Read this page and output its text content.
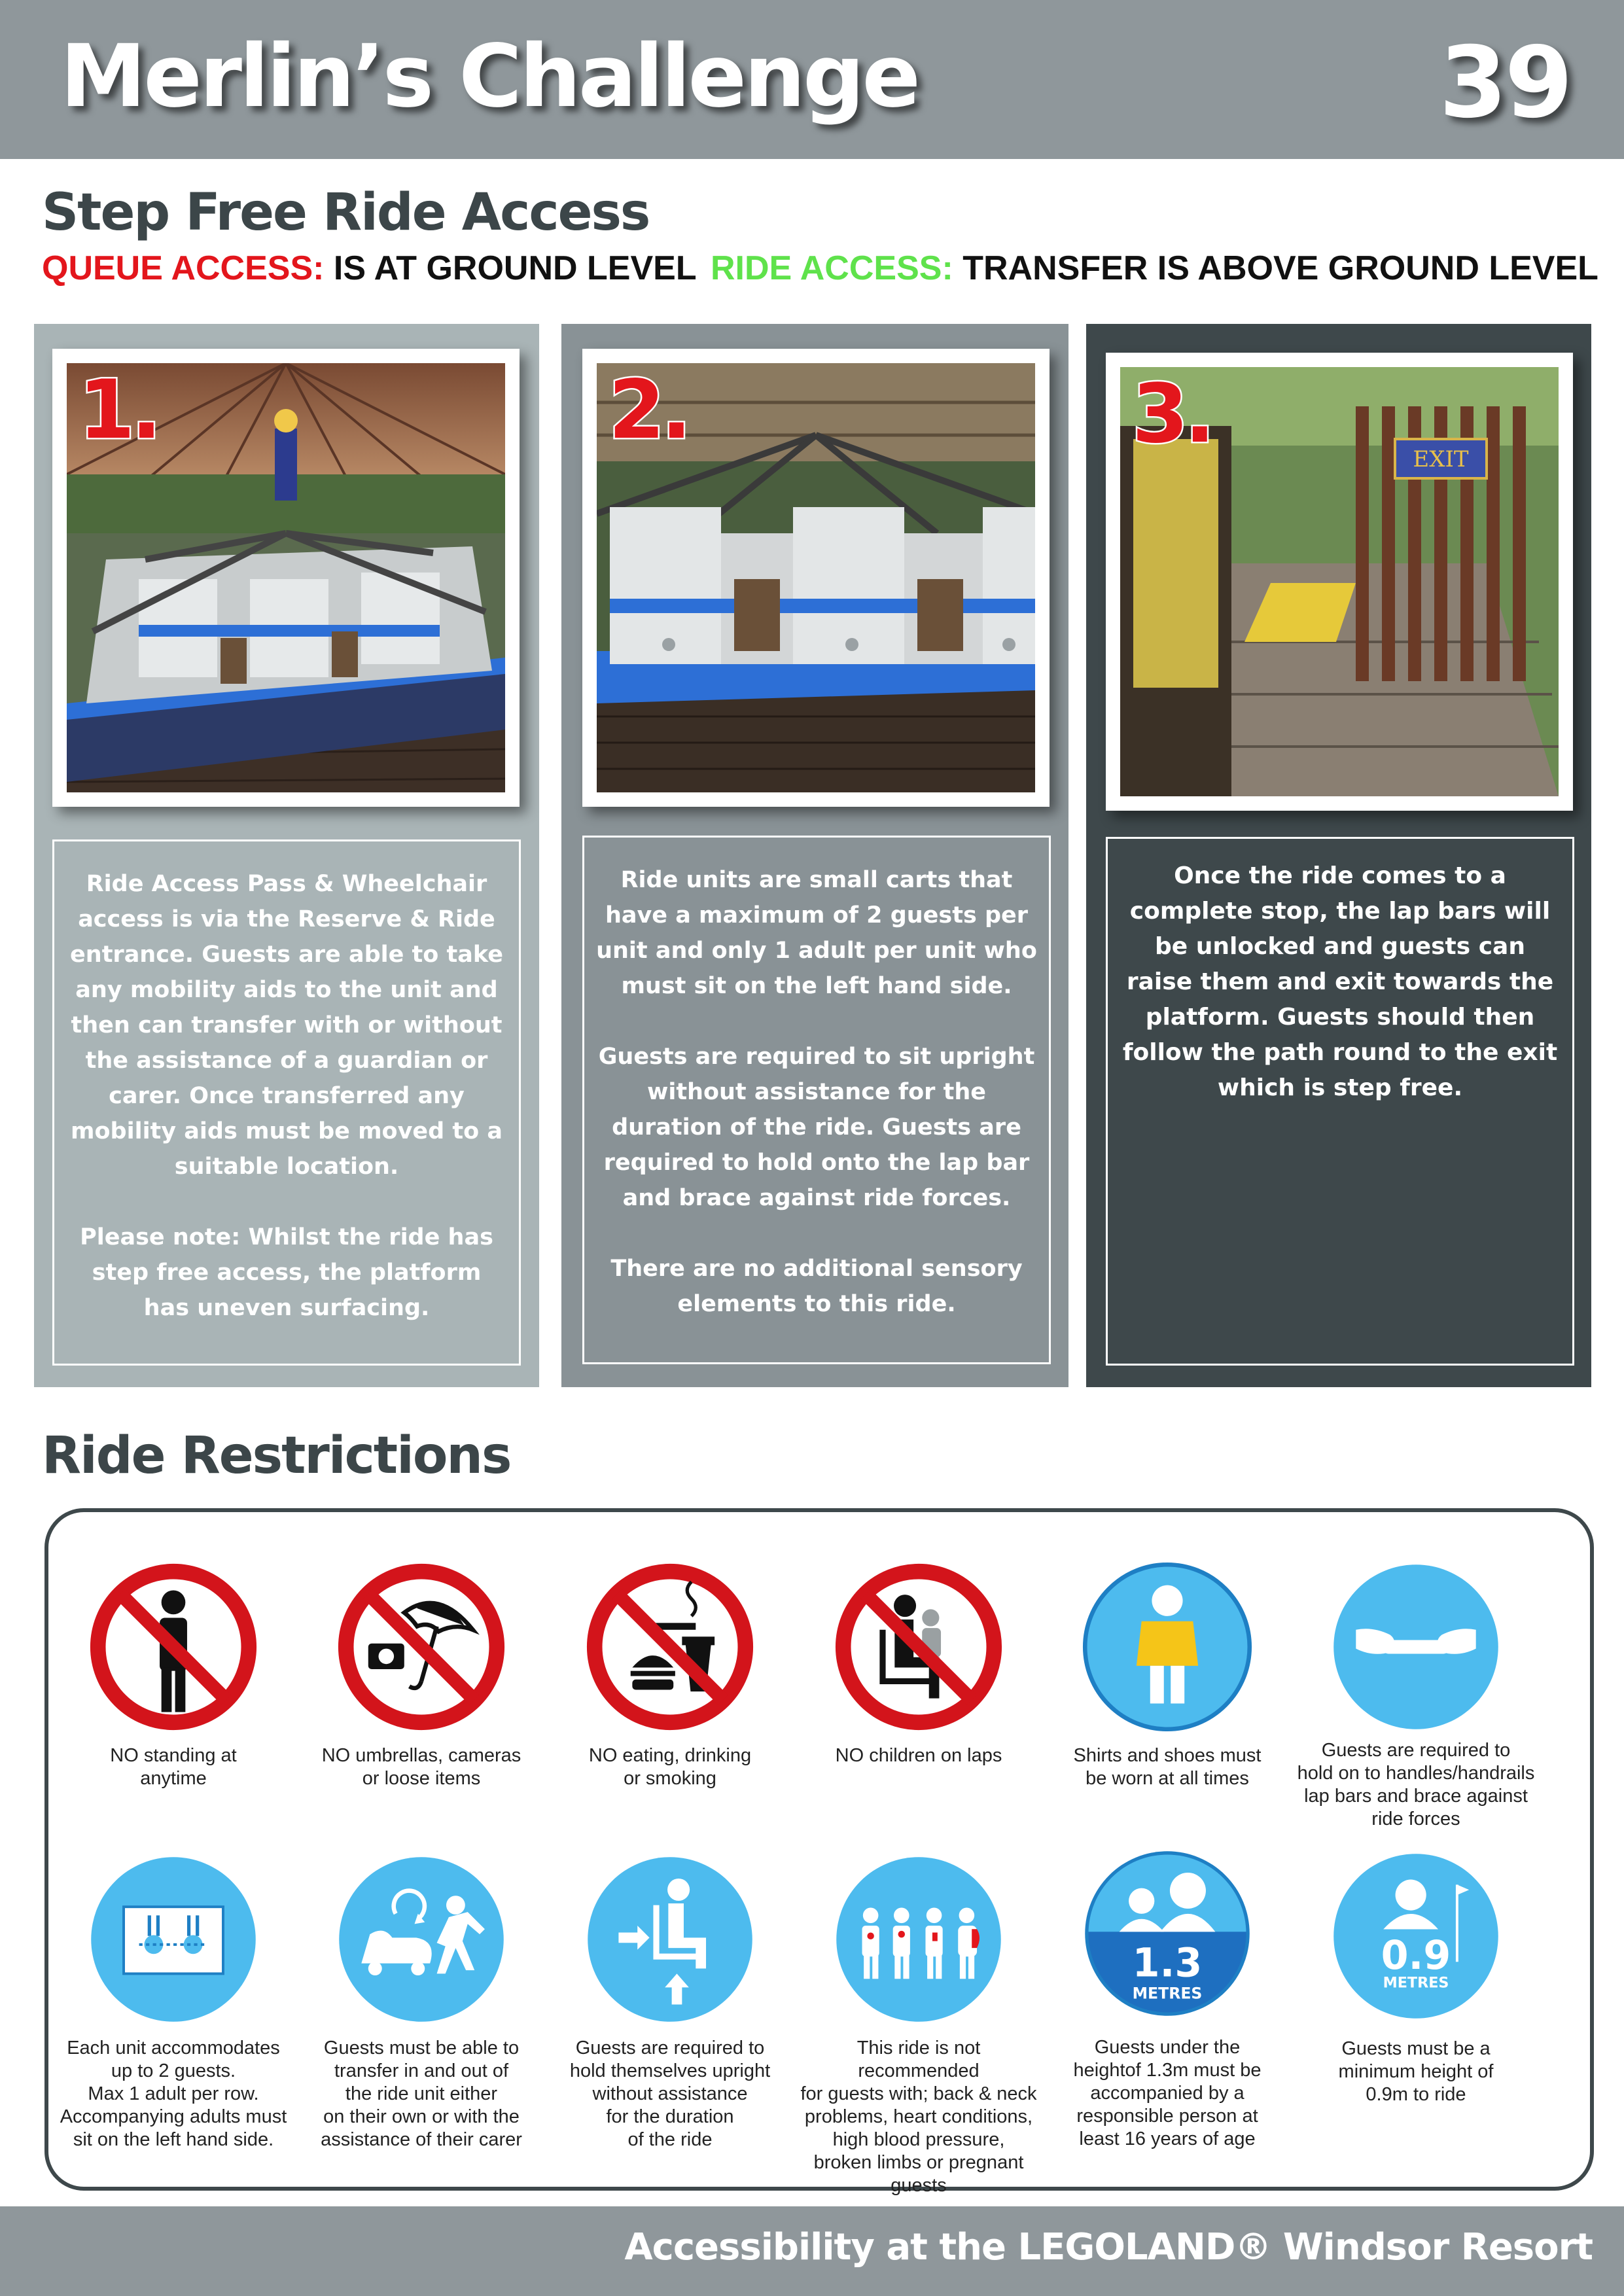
Merlin’s Challenge	39
Step Free Ride Access
QUEUE ACCESS: IS AT GROUND LEVEL RIDE ACCESS: TRANSFER IS ABOVE GROUND LEVEL
1.

Ride Access Pass & Wheelchair access is via the Reserve & Ride entrance. Guests are able to take any mobility aids to the unit and then can transfer with or without the assistance of a guardian or carer. Once transferred any mobility aids must be moved to a suitable location.

Please note: Whilst the ride has step free access, the platform has uneven surfacing.

2.

Ride units are small carts that have a maximum of 2 guests per unit and only 1 adult per unit who must sit on the left hand side.

Guests are required to sit upright without assistance for the duration of the ride. Guests are required to hold onto the lap bar and brace against ride forces.

There are no additional sensory elements to this ride.

EXIT
3.

Once the ride comes to a complete stop, the lap bars will be unlocked and guests can raise them and exit towards the platform. Guests should then follow the path round to the exit which is step free.

Ride Restrictions
NO standing at
anytime
NO umbrellas, cameras
or loose items
NO eating, drinking
or smoking
NO children on laps	Shirts and shoes must
be worn at all times
Guests are required to
hold on to handles/handrails
lap bars and brace against
ride forces
Each unit accommodates
up to 2 guests.
Max 1 adult per row.
Accompanying adults must
sit on the left hand side.
Guests must be able to
transfer in and out of
the ride unit either
on their own or with the
assistance of their carer
Guests are required to
hold themselves upright
without assistance
for the duration
of the ride
This ride is not recommended
for guests with; back & neck
problems, heart conditions,
high blood pressure,
broken limbs or pregnant guests
1.3
METRES
Guests under the
heightof 1.3m must be
accompanied by a
responsible person at
least 16 years of age
0.9
METRES
Guests must be a
minimum height of
0.9m to ride
Accessibility at the LEGOLAND® Windsor Resort
